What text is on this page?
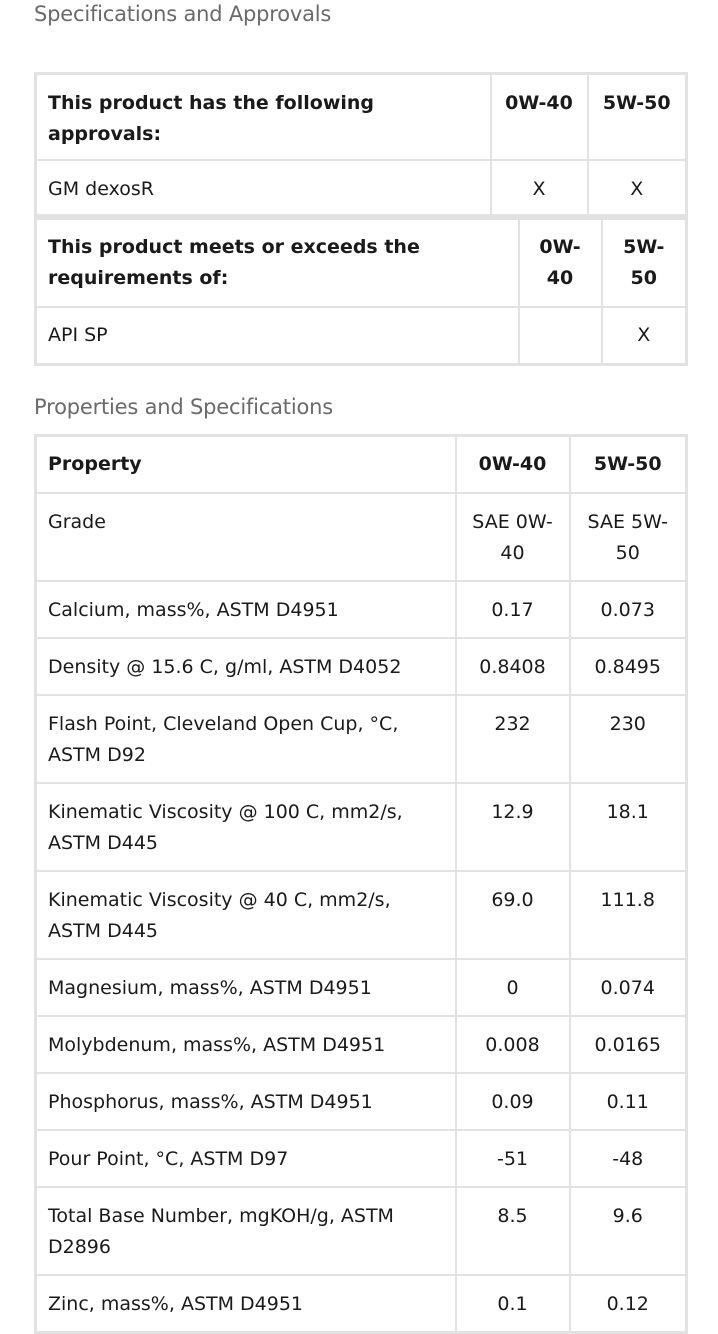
Specifications and Approvals
This product has the following approvals:	0W-40	5W-50
GM dexosR	X	X
This product meets or exceeds the requirements of:	0W-40	5W-50
API SP		X
Properties and Specifications
Property	0W-40	5W-50
Grade	SAE 0W-40	SAE 5W-50
Calcium, mass%, ASTM D4951	0.17	0.073
Density @ 15.6 C, g/ml, ASTM D4052	0.8408	0.8495
Flash Point, Cleveland Open Cup, °C, ASTM D92	232	230
Kinematic Viscosity @ 100 C, mm2/s, ASTM D445	12.9	18.1
Kinematic Viscosity @ 40 C, mm2/s, ASTM D445	69.0	111.8
Magnesium, mass%, ASTM D4951	0	0.074
Molybdenum, mass%, ASTM D4951	0.008	0.0165
Phosphorus, mass%, ASTM D4951	0.09	0.11
Pour Point, °C, ASTM D97	-51	-48
Total Base Number, mgKOH/g, ASTM D2896	8.5	9.6
Zinc, mass%, ASTM D4951	0.1	0.12
